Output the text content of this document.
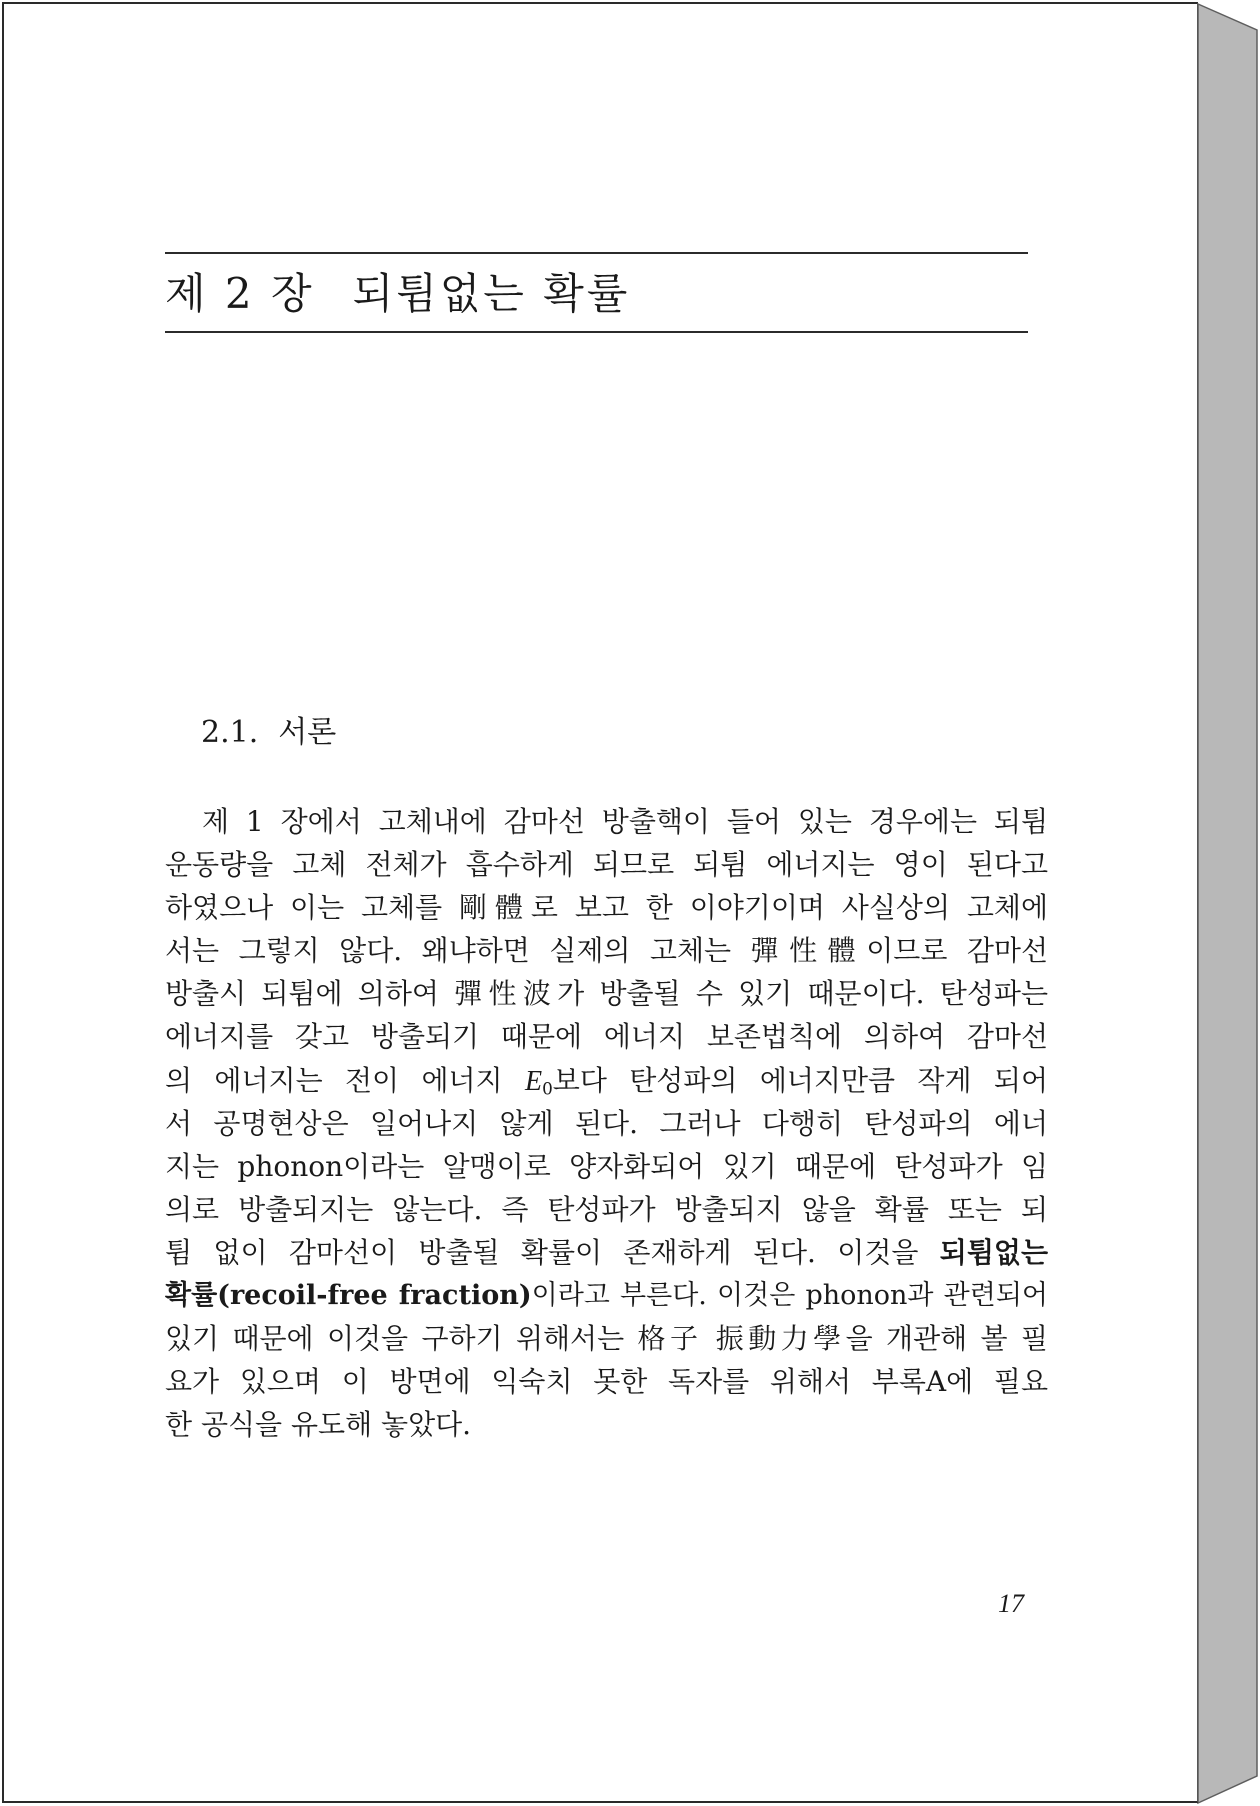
제 2 장 되튐없는 확률
2.1. 서론
제 1 장에서 고체내에 감마선 방출핵이 들어 있는 경우에는 되튐
운동량을 고체 전체가 흡수하게 되므로 되튐 에너지는 영이 된다고
하였으나 이는 고체를 剛體로 보고 한 이야기이며 사실상의 고체에
서는 그렇지 않다. 왜냐하면 실제의 고체는 彈性體이므로 감마선
방출시 되튐에 의하여 彈性波가 방출될 수 있기 때문이다. 탄성파는
에너지를 갖고 방출되기 때문에 에너지 보존법칙에 의하여 감마선
의 에너지는 전이 에너지 $E_0$보다 탄성파의 에너지만큼 작게 되어
서 공명현상은 일어나지 않게 된다. 그러나 다행히 탄성파의 에너
지는 phonon이라는 알맹이로 양자화되어 있기 때문에 탄성파가 임
의로 방출되지는 않는다. 즉 탄성파가 방출되지 않을 확률 또는 되
튐 없이 감마선이 방출될 확률이 존재하게 된다. 이것을 되튐없는
확률(recoil-free fraction)이라고 부른다. 이것은 phonon과 관련되어
있기 때문에 이것을 구하기 위해서는 格子 振動力學을 개관해 볼 필
요가 있으며 이 방면에 익숙치 못한 독자를 위해서 부록A에 필요
한 공식을 유도해 놓았다.
17
